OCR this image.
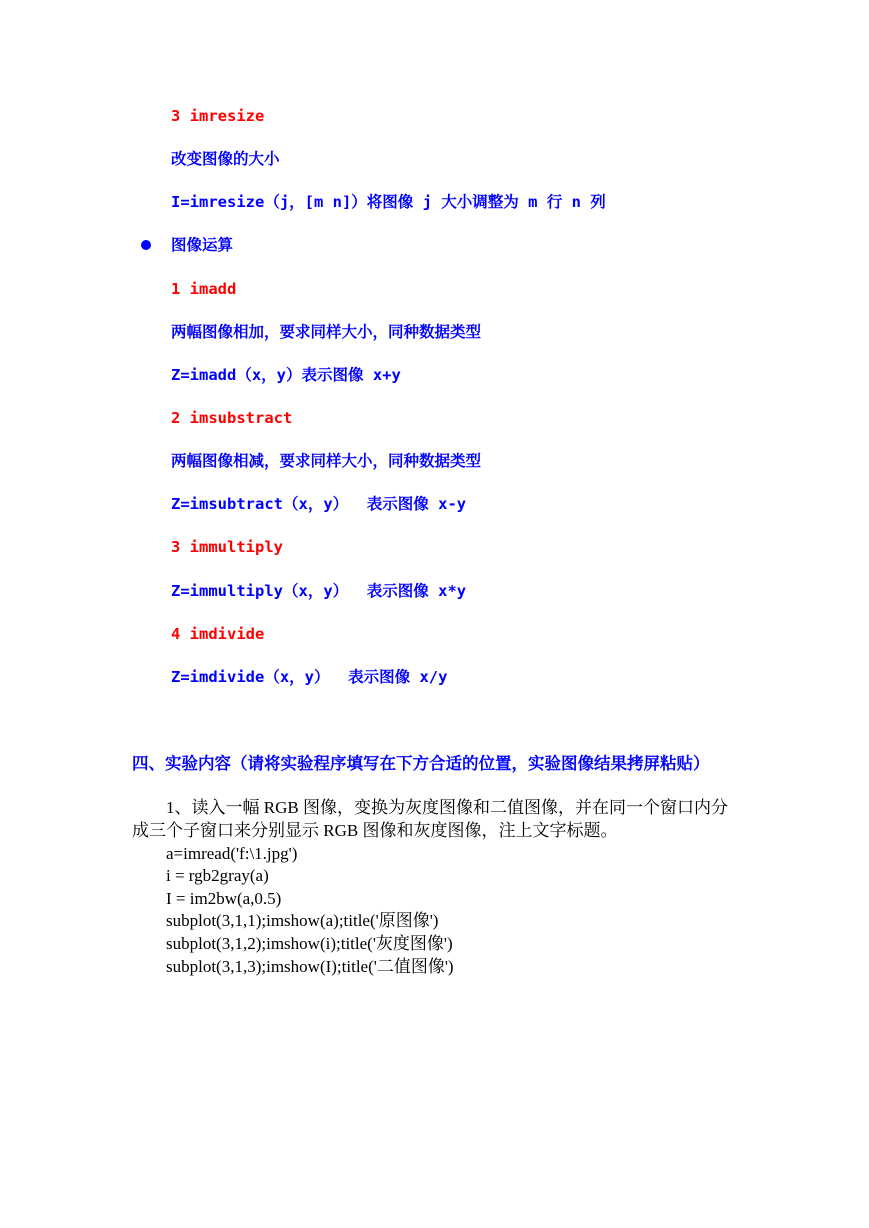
3 imresize
改变图像的大小
I=imresize（j，[m n]）将图像 j 大小调整为 m 行 n 列
图像运算
1 imadd
两幅图像相加，要求同样大小，同种数据类型
Z=imadd（x，y）表示图像 x+y
2 imsubstract
两幅图像相减，要求同样大小，同种数据类型
Z=imsubtract（x，y）  表示图像 x-y
3 immultiply
Z=immultiply（x，y）  表示图像 x*y
4 imdivide
Z=imdivide（x，y）  表示图像 x/y
四、实验内容（请将实验程序填写在下方合适的位置，实验图像结果拷屏粘贴）
1、读入一幅 RGB 图像，变换为灰度图像和二值图像，并在同一个窗口内分
成三个子窗口来分别显示 RGB 图像和灰度图像，注上文字标题。
a=imread('f:\1.jpg')
i = rgb2gray(a)
I = im2bw(a,0.5)
subplot(3,1,1);imshow(a);title('原图像')
subplot(3,1,2);imshow(i);title('灰度图像')
subplot(3,1,3);imshow(I);title('二值图像')
